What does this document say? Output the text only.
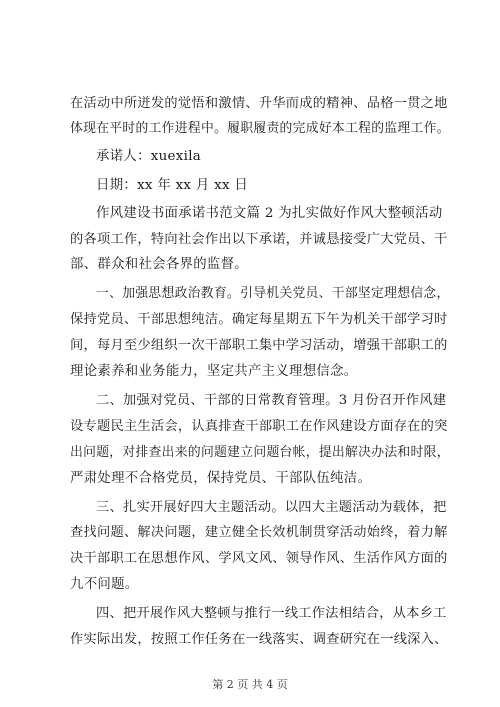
在活动中所迸发的觉悟和激情、升华而成的精神、品格一贯之地
体现在平时的工作进程中。履职履责的完成好本工程的监理工作。
承诺人：xuexila
日期：xx 年 xx 月 xx 日
作风建设书面承诺书范文篇 2 为扎实做好作风大整顿活动
的各项工作，特向社会作出以下承诺，并诚恳接受广大党员、干
部、群众和社会各界的监督。
一、加强思想政治教育。引导机关党员、干部坚定理想信念，
保持党员、干部思想纯洁。确定每星期五下午为机关干部学习时
间，每月至少组织一次干部职工集中学习活动，增强干部职工的
理论素养和业务能力，坚定共产主义理想信念。
二、加强对党员、干部的日常教育管理。3 月份召开作风建
设专题民主生活会，认真排查干部职工在作风建设方面存在的突
出问题，对排查出来的问题建立问题台帐，提出解决办法和时限，
严肃处理不合格党员，保持党员、干部队伍纯洁。
三、扎实开展好四大主题活动。以四大主题活动为载体，把
查找问题、解决问题，建立健全长效机制贯穿活动始终，着力解
决干部职工在思想作风、学风文风、领导作风、生活作风方面的
九不问题。
四、把开展作风大整顿与推行一线工作法相结合，从本乡工
作实际出发，按照工作任务在一线落实、调查研究在一线深入、
第 2 页 共 4 页
